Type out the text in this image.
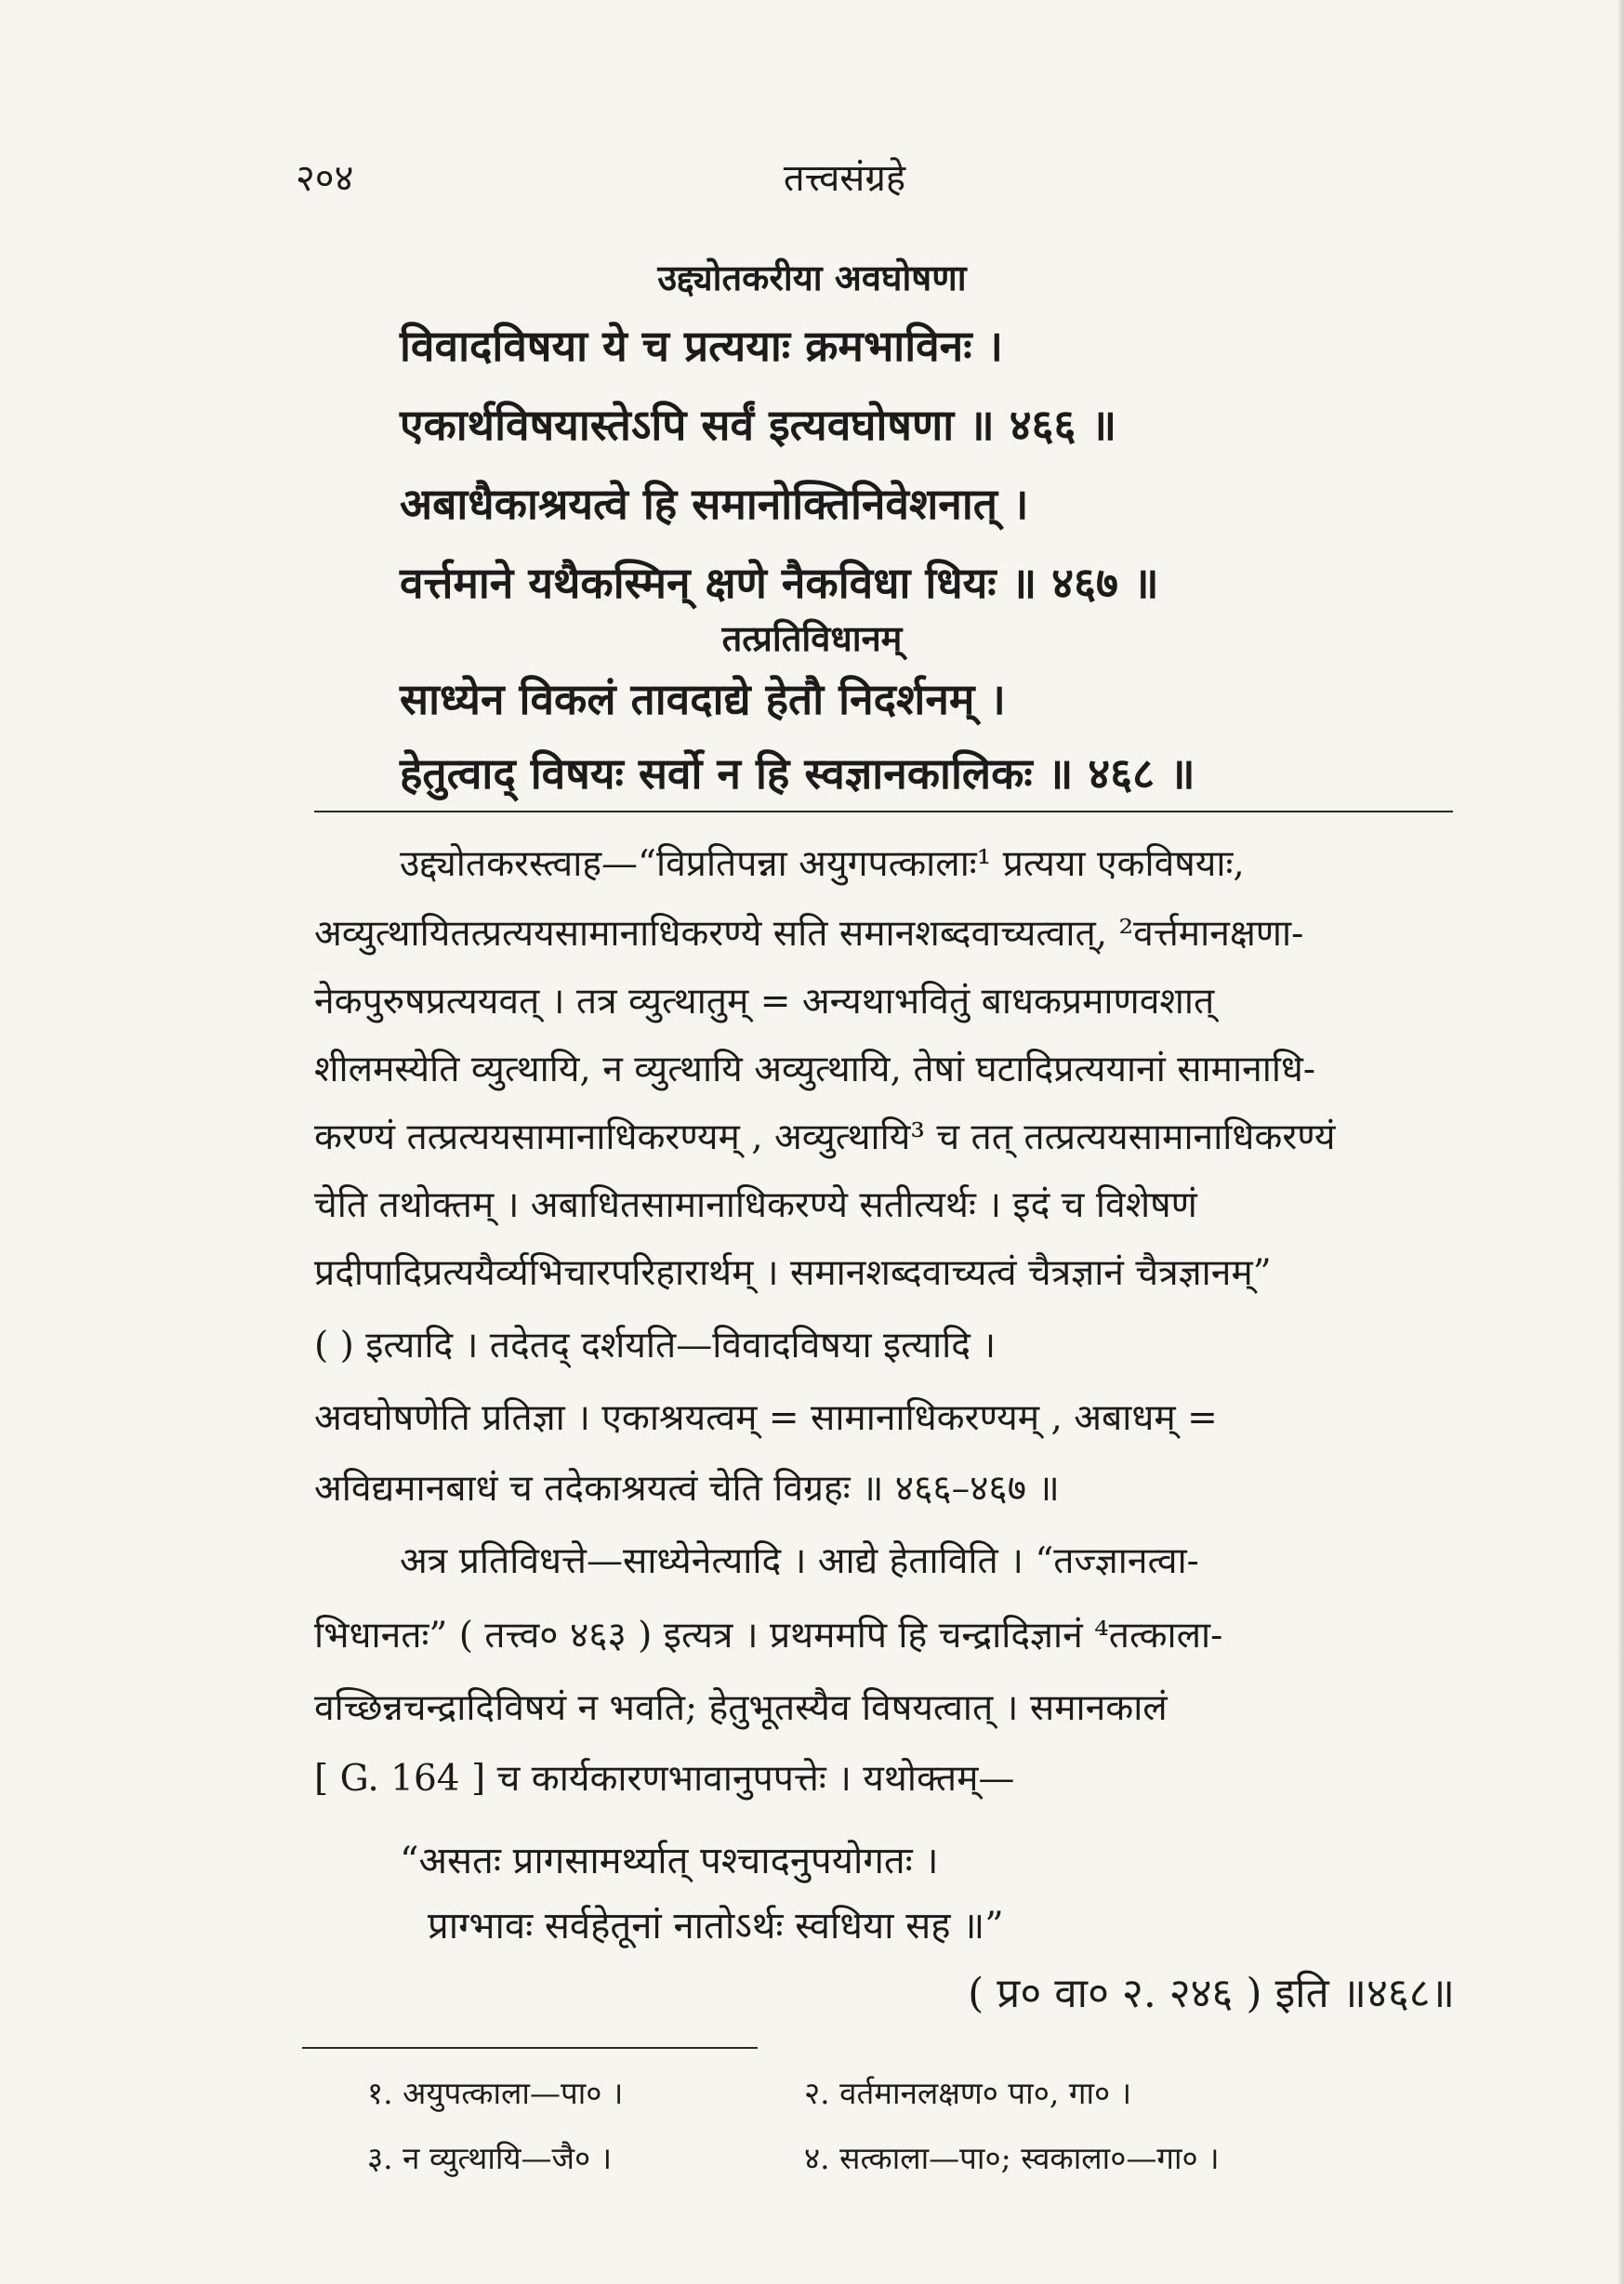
२०४	तत्त्वसंग्रहे
उद्द्योतकरीया अवघोषणा
विवादविषया ये च प्रत्ययाः क्रमभाविनः ।
एकार्थविषयास्तेऽपि सर्वं इत्यवघोषणा ॥ ४६६ ॥
अबाधैकाश्रयत्वे हि समानोक्तिनिवेशनात् ।
वर्त्तमाने यथैकस्मिन् क्षणे नैकविधा धियः ॥ ४६७ ॥
तत्प्रतिविधानम्
साध्येन विकलं तावदाद्ये हेतौ निदर्शनम् ।
हेतुत्वाद् विषयः सर्वो न हि स्वज्ञानकालिकः ॥ ४६८ ॥
उद्द्योतकरस्त्वाह—“विप्रतिपन्ना अयुगपत्कालाः¹ प्रत्यया एकविषयाः,
अव्युत्थायितत्प्रत्ययसामानाधिकरण्ये सति समानशब्दवाच्यत्वात्, ²वर्त्तमानक्षणा-
नेकपुरुषप्रत्ययवत् । तत्र व्युत्थातुम् = अन्यथाभवितुं बाधकप्रमाणवशात्
शीलमस्येति व्युत्थायि, न व्युत्थायि अव्युत्थायि, तेषां घटादिप्रत्ययानां सामानाधि-
करण्यं तत्प्रत्ययसामानाधिकरण्यम् , अव्युत्थायि³ च तत् तत्प्रत्ययसामानाधिकरण्यं
चेति तथोक्तम् । अबाधितसामानाधिकरण्ये सतीत्यर्थः । इदं च विशेषणं
प्रदीपादिप्रत्ययैर्व्यभिचारपरिहारार्थम् । समानशब्दवाच्यत्वं चैत्रज्ञानं चैत्रज्ञानम्”
( ) इत्यादि । तदेतद् दर्शयति—विवादविषया इत्यादि ।
अवघोषणेति प्रतिज्ञा । एकाश्रयत्वम् = सामानाधिकरण्यम् , अबाधम् =
अविद्यमानबाधं च तदेकाश्रयत्वं चेति विग्रहः ॥ ४६६–४६७ ॥
अत्र प्रतिविधत्ते—साध्येनेत्यादि । आद्ये हेताविति । “तज्ज्ञानत्वा-
भिधानतः” ( तत्त्व० ४६३ ) इत्यत्र । प्रथममपि हि चन्द्रादिज्ञानं ⁴तत्काला-
वच्छिन्नचन्द्रादिविषयं न भवति; हेतुभूतस्यैव विषयत्वात् । समानकालं
[ G. 164 ] च कार्यकारणभावानुपपत्तेः । यथोक्तम्—
“असतः प्रागसामर्थ्यात् पश्चादनुपयोगतः ।
प्राग्भावः सर्वहेतूनां नातोऽर्थः स्वधिया सह ॥”
( प्र० वा० २. २४६ ) इति ॥४६८॥
१. अयुपत्काला—पा० ।	२. वर्तमानलक्षण० पा०, गा० ।
३. न व्युत्थायि—जै० ।	४. सत्काला—पा०; स्वकाला०—गा० ।
